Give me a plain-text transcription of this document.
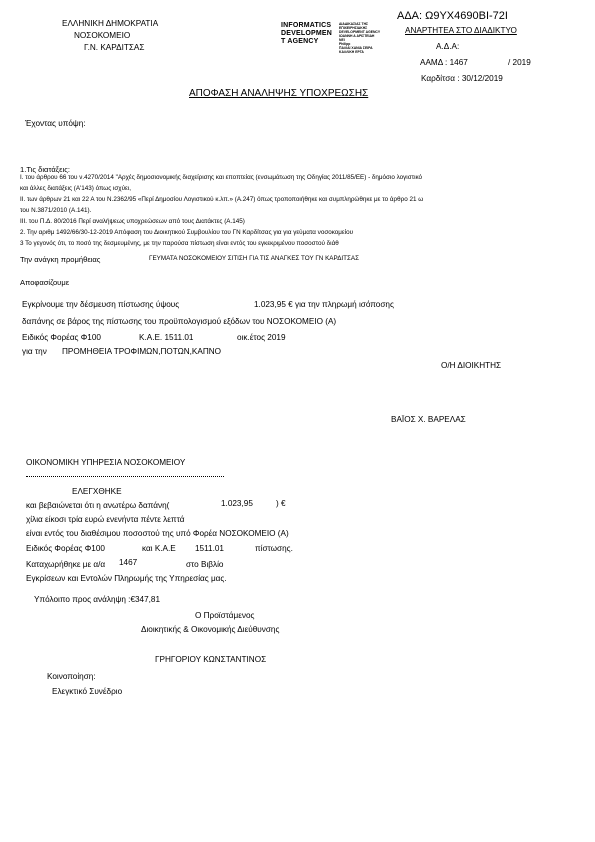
ΕΛΛΗΝΙΚΗ ΔΗΜΟΚΡΑΤΙΑ
ΝΟΣΟΚΟΜΕΙΟ
Γ.Ν. ΚΑΡΔΙΤΣΑΣ
INFORMATICS
DEVELOPMEN
T AGENCY
ΔΙΑΔΙΚΑΣΙΑΣ ΤΗΣ
ΕΠΙΧΕΙΡΗΣΙΑΚΗΣ
DEVELOPMENT AGENCY
ΙΩΑΝΝΗ Α ΑΡΙΣΤΕΙΔΗ
ΝΕΙ
Philipp
ΠΑΛΙΑΙ ΧΑΝΙΑ ΣΕΙΡΑ
ΚΑΛΛΙΚΗ ΕΡΓΑ
ΑΔΑ: Ω9ΥΧ4690ΒΙ-72Ι
ΑΝΑΡΤΗΤΕΑ ΣΤΟ ΔΙΑΔΙΚΤΥΟ
Α.Δ.Α:
ΑΑΜΔ : 1467	/ 2019
Καρδίτσα : 30/12/2019
ΑΠΟΦΑΣΗ ΑΝΑΛΗΨΗΣ ΥΠΟΧΡΕΩΣΗΣ
Έχοντας υπόψη:
1.Τις διατάξεις:
Ι. του άρθρου 66 του ν.4270/2014 "Αρχές δημοσιονομικής διαχείρισης και εποπτείας (ενσωμάτωση της Οδηγίας 2011/85/ΕΕ) - δημόσιο λογιστικό
και άλλες διατάξεις (Α'143) όπως ισχύει,
ΙΙ. των άρθρων 21 και 22 Α του Ν.2362/95 «Περί Δημοσίου Λογιστικού κ.λπ.» (Α.247) όπως τροποποιήθηκε και συμπληρώθηκε με το άρθρο 21 ω
του Ν.3871/2010 (Α.141).
ΙΙΙ. του Π.Δ. 80/2016 Περί αναλήψεως υποχρεώσεων από τους Διατάκτες (Α.145)
2. Την αριθμ 1492/66/30-12-2019 Απόφαση του Διοικητικού Συμβουλίου του ΓΝ Καρδίτσας για για γεύματα νοσοκομείου
3 Το γεγονός ότι, το ποσό της δεσμευμένης, με την παρούσα πίστωση είναι εντός του εγκεκριμένου ποσοστού διάθ
Την ανάγκη προμήθειας	ΓΕΥΜΑΤΑ ΝΟΣΟΚΟΜΕΙΟΥ ΣΙΤΙΣΗ ΓΙΑ ΤΙΣ ΑΝΑΓΚΕΣ ΤΟΥ ΓΝ ΚΑΡΔΙΤΣΑΣ
Αποφασίζουμε
Εγκρίνουμε την δέσμευση πίστωσης ύψους	1.023,95 € για την πληρωμή ισόποσης
δαπάνης σε βάρος της πίστωσης του προϋπολογισμού εξόδων του ΝΟΣΟΚΟΜΕΙΟ (Α)
Ειδικός Φορέας Φ100	Κ.Α.Ε. 1511.01	οικ.έτος 2019
για την ΠΡΟΜΗΘΕΙΑ ΤΡΟΦΙΜΩΝ,ΠΟΤΩΝ,ΚΑΠΝΟ
Ο/Η ΔΙΟΙΚΗΤΗΣ
ΒΑΪΟΣ Χ. ΒΑΡΕΛΑΣ
ΟΙΚΟΝΟΜΙΚΗ ΥΠΗΡΕΣΙΑ ΝΟΣΟΚΟΜΕΙΟΥ
ΕΛΕΓΧΘΗΚΕ
και βεβαιώνεται ότι η ανωτέρω δαπάνη(	1.023,95	) €
χίλια είκοσι τρία ευρώ ενενήντα πέντε λεπτά
είναι εντός του διαθέσιμου ποσοστού της υπό Φορέα ΝΟΣΟΚΟΜΕΙΟ (Α)
Ειδικός Φορέας Φ100	και Κ.Α.Ε 1511.01	πίστωσης.
Καταχωρήθηκε με α/α 1467	στο Βιβλίο
Εγκρίσεων και Εντολών Πληρωμής της Υπηρεσίας μας.
Υπόλοιπο προς ανάληψη :€347,81
Ο Προϊστάμενος
Διοικητικής & Οικονομικής Διεύθυνσης
ΓΡΗΓΟΡΙΟΥ ΚΩΝΣΤΑΝΤΙΝΟΣ
Κοινοποίηση:
Ελεγκτικό Συνέδριο
